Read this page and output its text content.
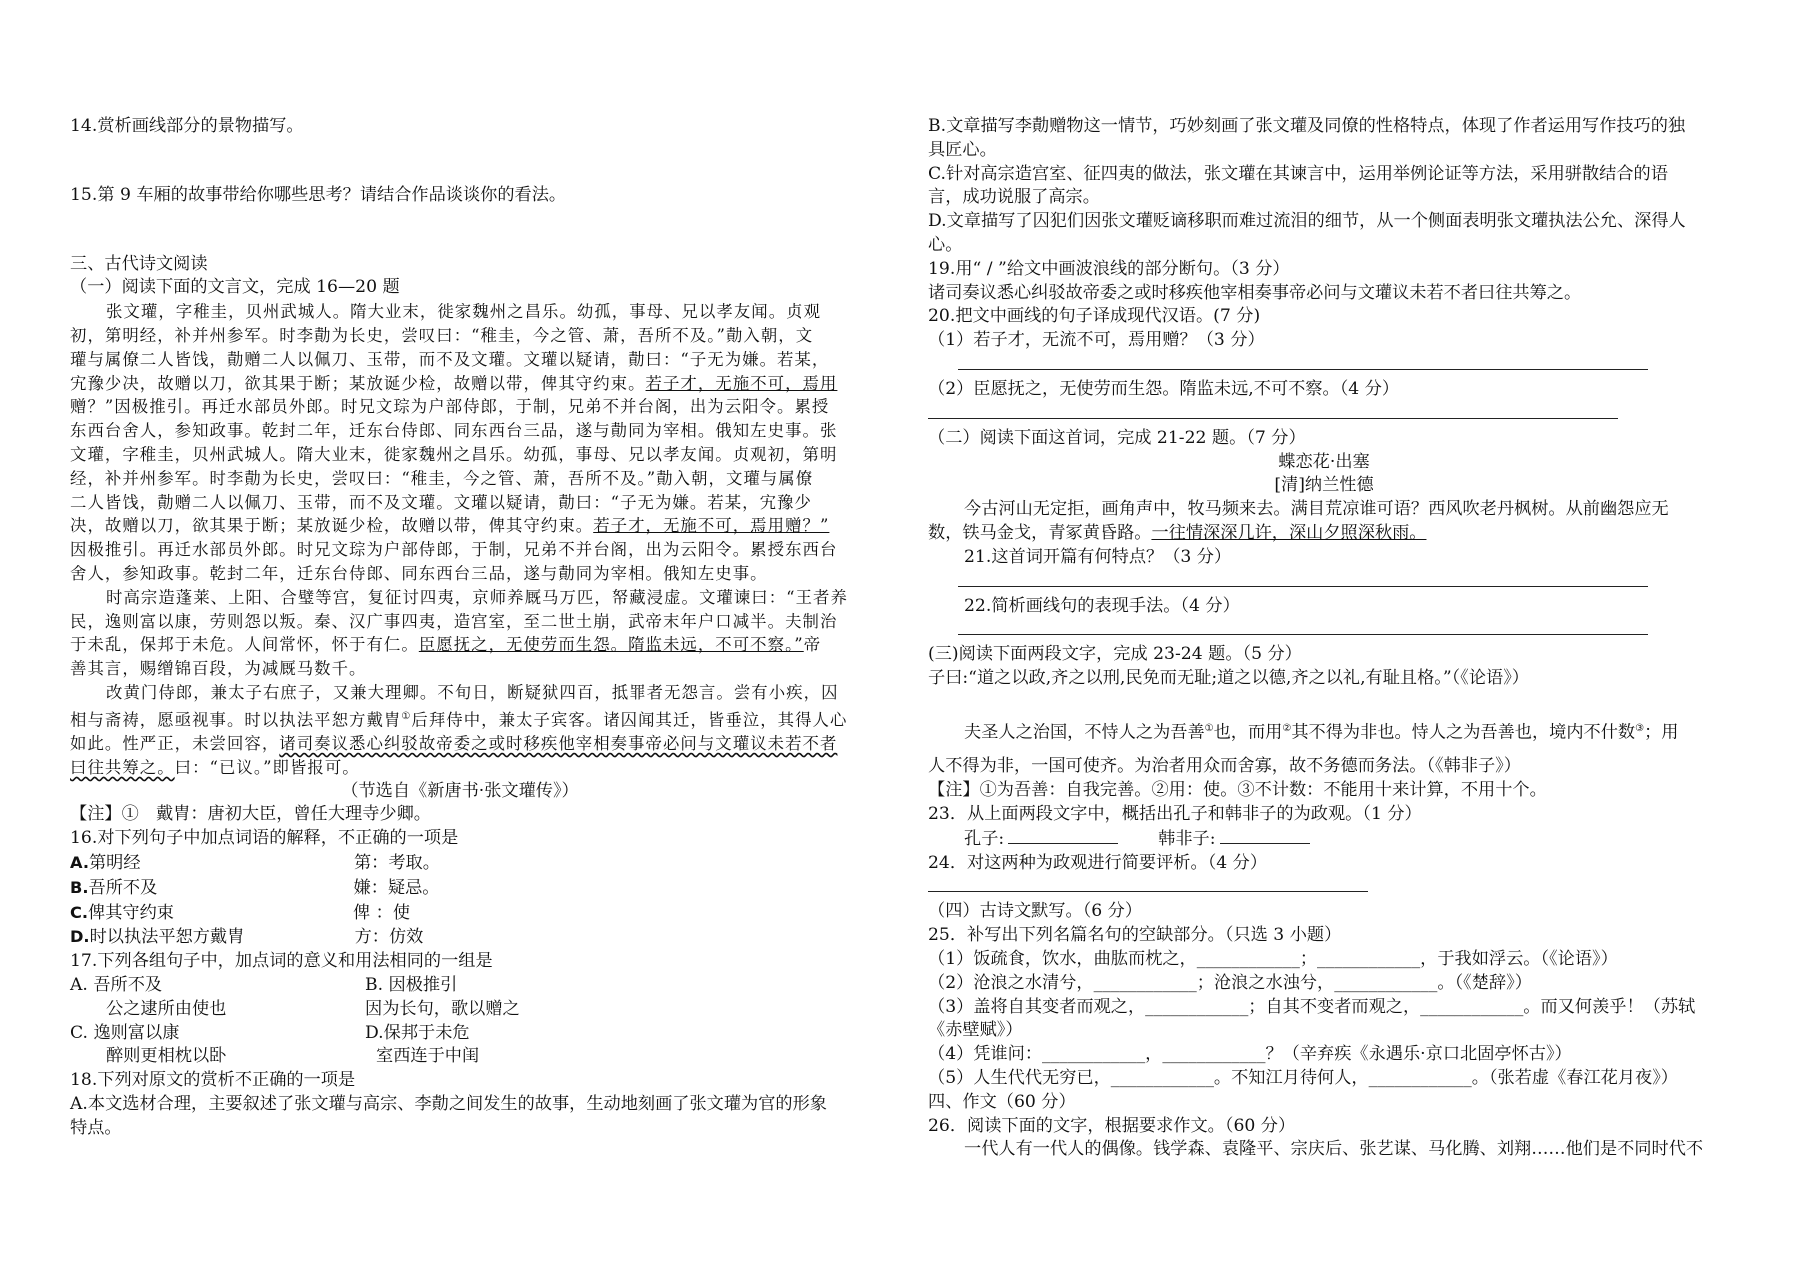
14.赏析画线部分的景物描写。
15.第 9 车厢的故事带给你哪些思考？请结合作品谈谈你的看法。
三、古代诗文阅读
（一）阅读下面的文言文，完成 16—20 题
张文瓘，字稚圭，贝州武城人。隋大业末，徙家魏州之昌乐。幼孤，事母、兄以孝友闻。贞观
初，第明经，补并州参军。时李勣为长史，尝叹曰：“稚圭，今之管、萧，吾所不及。”勣入朝，文
瓘与属僚二人皆饯，勣赠二人以佩刀、玉带，而不及文瓘。文瓘以疑请，勣曰：“子无为嫌。若某，
宄豫少决，故赠以刀，欲其果于断；某放诞少检，故赠以带，俾其守约束。若子才，无施不可，焉用
赠？”因极推引。再迁水部员外郎。时兄文琮为户部侍郎，于制，兄弟不并台阁，出为云阳令。累授
东西台舍人，参知政事。乾封二年，迁东台侍郎、同东西台三品，遂与勣同为宰相。俄知左史事。张
文瓘，字稚圭，贝州武城人。隋大业末，徙家魏州之昌乐。幼孤，事母、兄以孝友闻。贞观初，第明
经，补并州参军。时李勣为长史，尝叹曰：“稚圭，今之管、萧，吾所不及。”勣入朝，文瓘与属僚
二人皆饯，勣赠二人以佩刀、玉带，而不及文瓘。文瓘以疑请，勣曰：“子无为嫌。若某，宄豫少
决，故赠以刀，欲其果于断；某放诞少检，故赠以带，俾其守约束。若子才，无施不可，焉用赠？”
因极推引。再迁水部员外郎。时兄文琮为户部侍郎，于制，兄弟不并台阁，出为云阳令。累授东西台
舍人，参知政事。乾封二年，迁东台侍郎、同东西台三品，遂与勣同为宰相。俄知左史事。
时高宗造蓬莱、上阳、合璧等宫，复征讨四夷，京师养厩马万匹，帑藏浸虚。文瓘谏曰：“王者养
民，逸则富以康，劳则怨以叛。秦、汉广事四夷，造宫室，至二世土崩，武帝末年户口减半。夫制治
于未乱，保邦于未危。人间常怀，怀于有仁。臣愿抚之，无使劳而生怨。隋监未远，不可不察。”帝
善其言，赐缯锦百段，为减厩马数千。
改黄门侍郎，兼太子右庶子，又兼大理卿。不旬日，断疑狱四百，抵罪者无怨言。尝有小疾，囚
相与斋祷，愿亟视事。时以执法平恕方戴胄①后拜侍中，兼太子宾客。诸囚闻其迁，皆垂泣，其得人心
如此。性严正，未尝回容，诸司奏议悉心纠驳故帝委之或时移疾他宰相奏事帝必问与文瓘议未若不者
曰往共筹之。曰：“已议。”即皆报可。
（节选自《新唐书·张文瓘传》）
【注】①　戴胄：唐初大臣，曾任大理寺少卿。
16.对下列句子中加点词语的解释，不正确的一项是
A.第明经	第：考取。
B.吾所不及	嫌：疑忌。
C.俾其守约束	俾 ：使
D.时以执法平恕方戴胄	方：仿效
17.下列各组句子中，加点词的意义和用法相同的一组是
A. 吾所不及	B. 因极推引
公之逮所由使也	因为长句，歌以赠之
C. 逸则富以康	D.保邦于未危
醉则更相枕以卧	室西连于中闺
18.下列对原文的赏析不正确的一项是
A.本文选材合理，主要叙述了张文瓘与高宗、李勣之间发生的故事，生动地刻画了张文瓘为官的形象
特点。
B.文章描写李勣赠物这一情节，巧妙刻画了张文瓘及同僚的性格特点，体现了作者运用写作技巧的独
具匠心。
C.针对高宗造宫室、征四夷的做法，张文瓘在其谏言中，运用举例论证等方法，采用骈散结合的语
言，成功说服了高宗。
D.文章描写了囚犯们因张文瓘贬谪移职而难过流泪的细节，从一个侧面表明张文瓘执法公允、深得人
心。
19.用“ / ”给文中画波浪线的部分断句。（3 分）
诸司奏议悉心纠驳故帝委之或时移疾他宰相奏事帝必问与文瓘议未若不者曰往共筹之。
20.把文中画线的句子译成现代汉语。(7 分)
（1）若子才，无流不可，焉用赠？（3 分）
（2）臣愿抚之，无使劳而生怨。隋监未远,不可不察。（4 分）
（二）阅读下面这首词，完成 21-22 题。（7 分）
蝶恋花·出塞
[清]纳兰性德
今古河山无定拒，画角声中，牧马频来去。满目荒凉谁可语？西风吹老丹枫树。从前幽怨应无
数，铁马金戈，青冢黄昏路。一往情深深几许，深山夕照深秋雨。
21.这首词开篇有何特点？（3 分）
22.简析画线句的表现手法。（4 分）
(三)阅读下面两段文字，完成 23-24 题。（5 分）
子曰:“道之以政,齐之以刑,民免而无耻;道之以德,齐之以礼,有耻且格。”（《论语》）
夫圣人之治国，不恃人之为吾善①也，而用②其不得为非也。恃人之为吾善也，境内不什数③；用
人不得为非，一国可使齐。为治者用众而舍寡，故不务德而务法。（《韩非子》）
【注】①为吾善：自我完善。②用：使。③不计数：不能用十来计算，不用十个。
23．从上面两段文字中，概括出孔子和韩非子的为政观。（1 分）
孔子:	韩非子:
24．对这两种为政观进行简要评析。（4 分）
（四）古诗文默写。（6 分）
25．补写出下列名篇名句的空缺部分。（只选 3 小题）
（1）饭疏食，饮水，曲肱而枕之，____________；____________，于我如浮云。（《论语》）
（2）沧浪之水清兮，____________；沧浪之水浊兮，____________。（《楚辞》）
（3）盖将自其变者而观之，____________；自其不变者而观之，____________。而又何羡乎！（苏轼
《赤壁赋》）
（4）凭谁问：____________，____________？（辛弃疾《永遇乐·京口北固亭怀古》）
（5）人生代代无穷已，____________。不知江月待何人，____________。（张若虚《春江花月夜》）
四、作文（60 分）
26．阅读下面的文字，根据要求作文。（60 分）
一代人有一代人的偶像。钱学森、袁隆平、宗庆后、张艺谋、马化腾、刘翔……他们是不同时代不
